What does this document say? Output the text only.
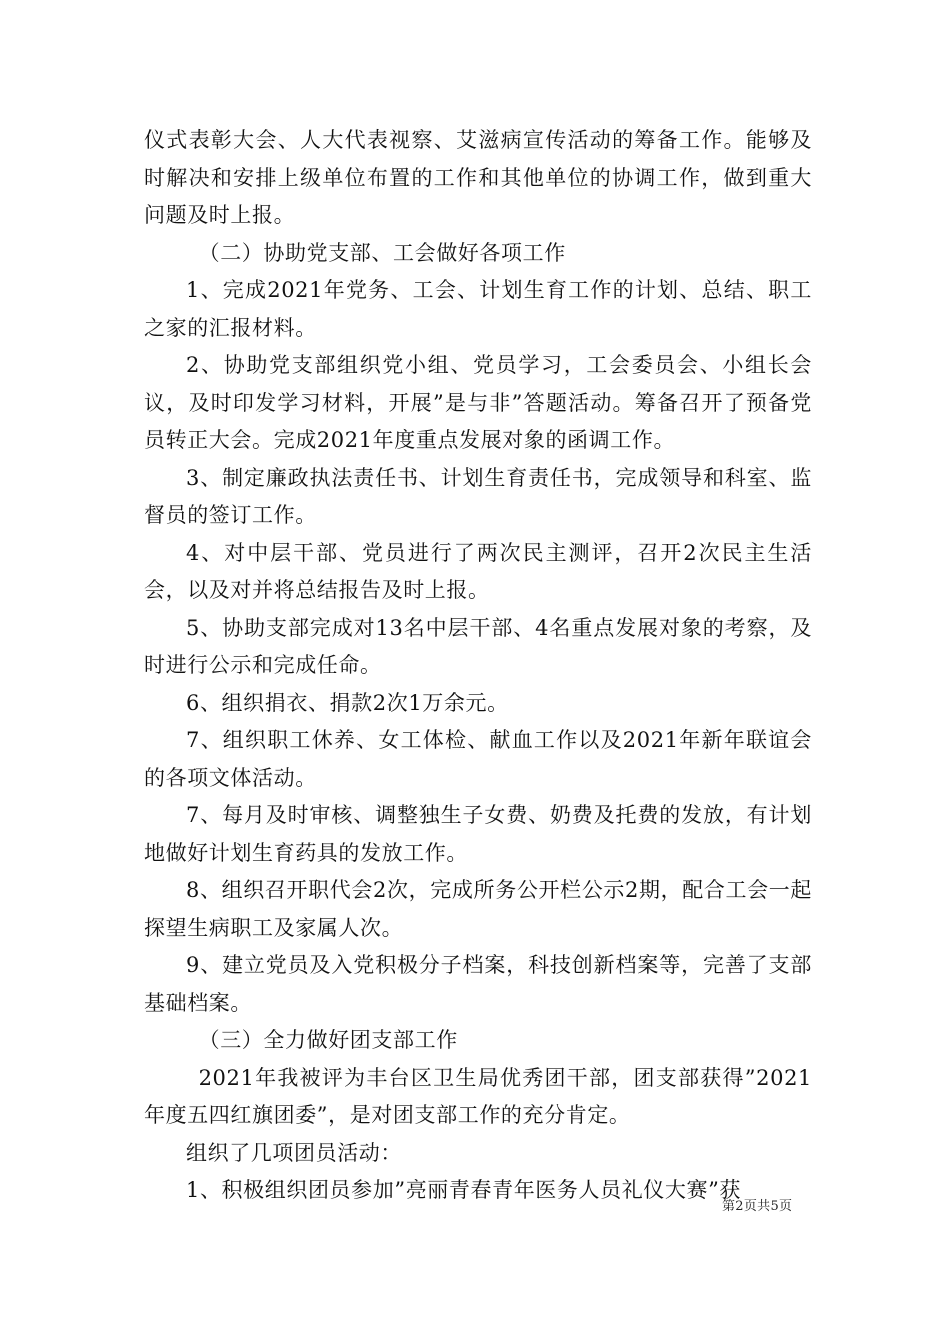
仪式表彰大会、人大代表视察、艾滋病宣传活动的筹备工作。能够及时解决和安排上级单位布置的工作和其他单位的协调工作，做到重大问题及时上报。

（二）协助党支部、工会做好各项工作

1、完成2021年党务、工会、计划生育工作的计划、总结、职工之家的汇报材料。

2、协助党支部组织党小组、党员学习，工会委员会、小组长会议，及时印发学习材料，开展”是与非”答题活动。筹备召开了预备党员转正大会。完成2021年度重点发展对象的函调工作。

3、制定廉政执法责任书、计划生育责任书，完成领导和科室、监督员的签订工作。

4、对中层干部、党员进行了两次民主测评，召开2次民主生活会，以及对并将总结报告及时上报。

5、协助支部完成对13名中层干部、4名重点发展对象的考察，及时进行公示和完成任命。

6、组织捐衣、捐款2次1万余元。

7、组织职工休养、女工体检、献血工作以及2021年新年联谊会的各项文体活动。

7、每月及时审核、调整独生子女费、奶费及托费的发放，有计划地做好计划生育药具的发放工作。

8、组织召开职代会2次，完成所务公开栏公示2期，配合工会一起探望生病职工及家属人次。

9、建立党员及入党积极分子档案，科技创新档案等，完善了支部基础档案。

（三）全力做好团支部工作

2021年我被评为丰台区卫生局优秀团干部，团支部获得”2021年度五四红旗团委”，是对团支部工作的充分肯定。

组织了几项团员活动：

1、积极组织团员参加”亮丽青春青年医务人员礼仪大赛”获

第2页共5页
